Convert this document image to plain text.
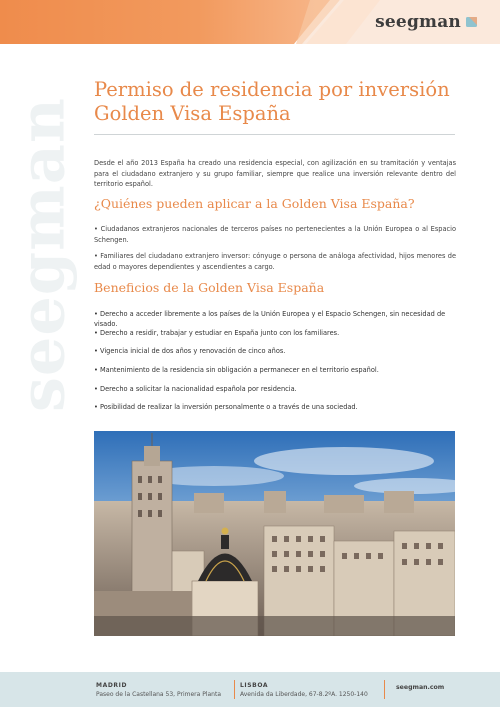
seegman
seegman
Permiso de residencia por inversión
Golden Visa España

Desde el año 2013 España ha creado una residencia especial, con agilización en su tramitación y ventajas para el ciudadano extranjero y su grupo familiar, siempre que realice una inversión relevante dentro del territorio español.

¿Quiénes pueden aplicar a la Golden Visa España?
• Ciudadanos extranjeros nacionales de terceros países no pertenecientes a la Unión Europea o al Espacio Schengen.
• Familiares del ciudadano extranjero inversor: cónyuge o persona de análoga afectividad, hijos menores de edad o mayores dependientes y ascendientes a cargo.
Beneficios de la Golden Visa España
• Derecho a acceder libremente a los países de la Unión Europea y el Espacio Schengen, sin necesidad de visado.
• Derecho a residir, trabajar y estudiar en España junto con los familiares.
• Vigencia inicial de dos años y renovación de cinco años.
• Mantenimiento de la residencia sin obligación a permanecer en el territorio español.
• Derecho a solicitar la nacionalidad española por residencia.
• Posibilidad de realizar la inversión personalmente o a través de una sociedad.
MADRID
Paseo de la Castellana 53, Primera Planta
LISBOA
Avenida da Liberdade, 67-8.2ºA. 1250-140
seegman.com
